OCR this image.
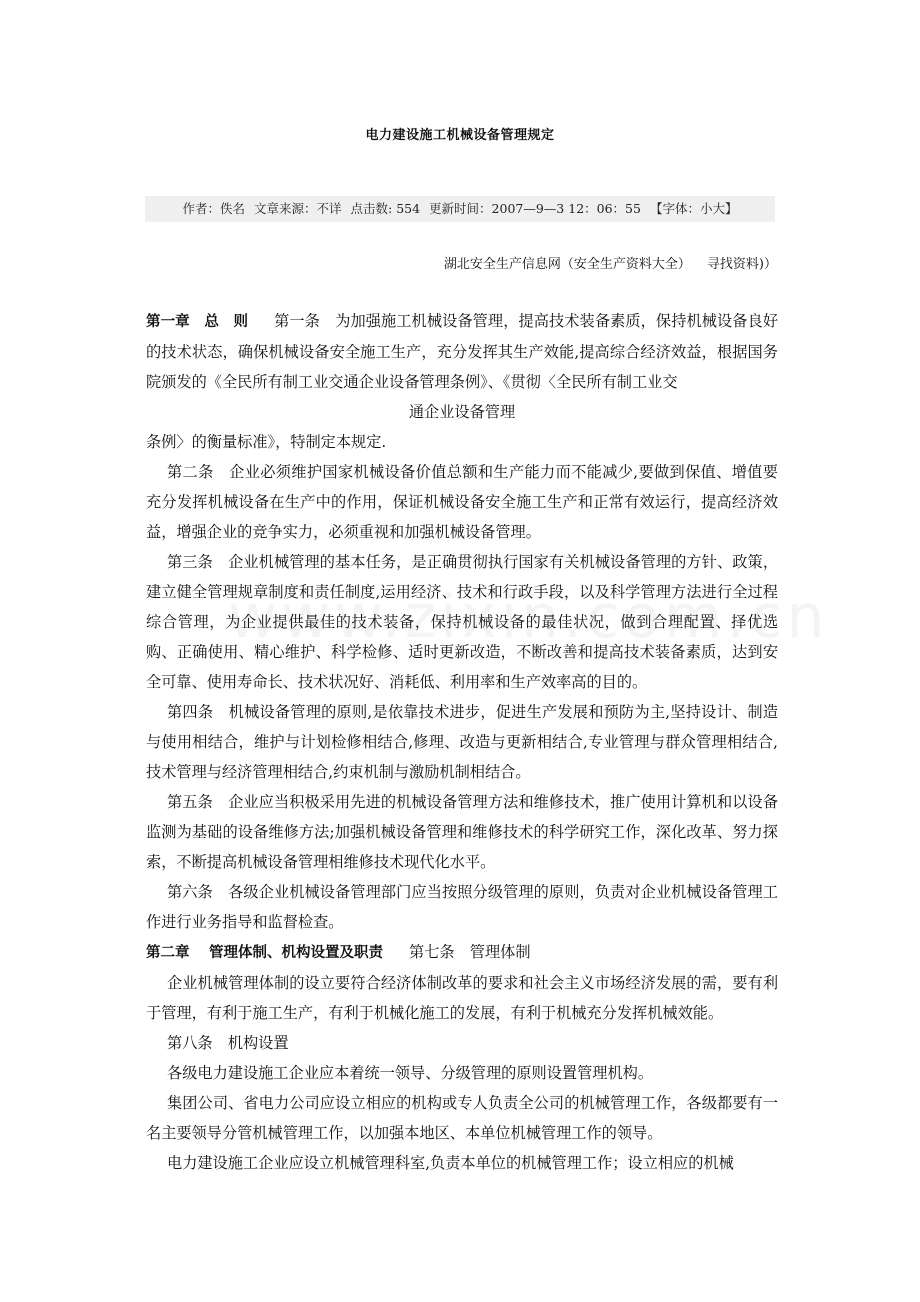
电力建设施工机械设备管理规定
作者：佚名 文章来源：不详 点击数: 554 更新时间：2007—9—3 12：06：55 【字体：小大】
湖北安全生产信息网（安全生产资料大全） 寻找资料)）

第一章　总　则 第一条　为加强施工机械设备管理，提高技术装备素质，保持机械设备良好的技术状态，确保机械设备安全施工生产，充分发挥其生产效能,提高综合经济效益，根据国务院颁发的《全民所有制工业交通企业设备管理条例》、《贯彻〈全民所有制工业交

通企业设备管理

条例〉的衡量标准》，特制定本规定.

第二条　企业必须维护国家机械设备价值总额和生产能力而不能减少,要做到保值、增值要充分发挥机械设备在生产中的作用，保证机械设备安全施工生产和正常有效运行，提高经济效益，增强企业的竞争实力，必须重视和加强机械设备管理。

第三条　企业机械管理的基本任务，是正确贯彻执行国家有关机械设备管理的方针、政策，建立健全管理规章制度和责任制度,运用经济、技术和行政手段，以及科学管理方法进行全过程综合管理，为企业提供最佳的技术装备，保持机械设备的最佳状况，做到合理配置、择优选购、正确使用、精心维护、科学检修、适时更新改造，不断改善和提高技术装备素质，达到安全可靠、使用寿命长、技术状况好、消耗低、利用率和生产效率高的目的。

第四条　机械设备管理的原则,是依靠技术进步，促进生产发展和预防为主,坚持设计、制造与使用相结合，维护与计划检修相结合,修理、改造与更新相结合,专业管理与群众管理相结合,技术管理与经济管理相结合,约束机制与激励机制相结合。

第五条　企业应当积极采用先进的机械设备管理方法和维修技术，推广使用计算机和以设备监测为基础的设备维修方法;加强机械设备管理和维修技术的科学研究工作，深化改革、努力探索，不断提高机械设备管理相维修技术现代化水平。

第六条　各级企业机械设备管理部门应当按照分级管理的原则，负责对企业机械设备管理工作进行业务指导和监督检查。

第二章　 管理体制、机构设置及职责 第七条　管理体制

企业机械管理体制的设立要符合经济体制改革的要求和社会主义市场经济发展的需，要有利于管理，有利于施工生产，有利于机械化施工的发展，有利于机械充分发挥机械效能。

第八条　机构设置

各级电力建设施工企业应本着统一领导、分级管理的原则设置管理机构。

集团公司、省电力公司应设立相应的机构或专人负责全公司的机械管理工作，各级都要有一名主要领导分管机械管理工作，以加强本地区、本单位机械管理工作的领导。

电力建设施工企业应设立机械管理科室,负责本单位的机械管理工作；设立相应的机械
